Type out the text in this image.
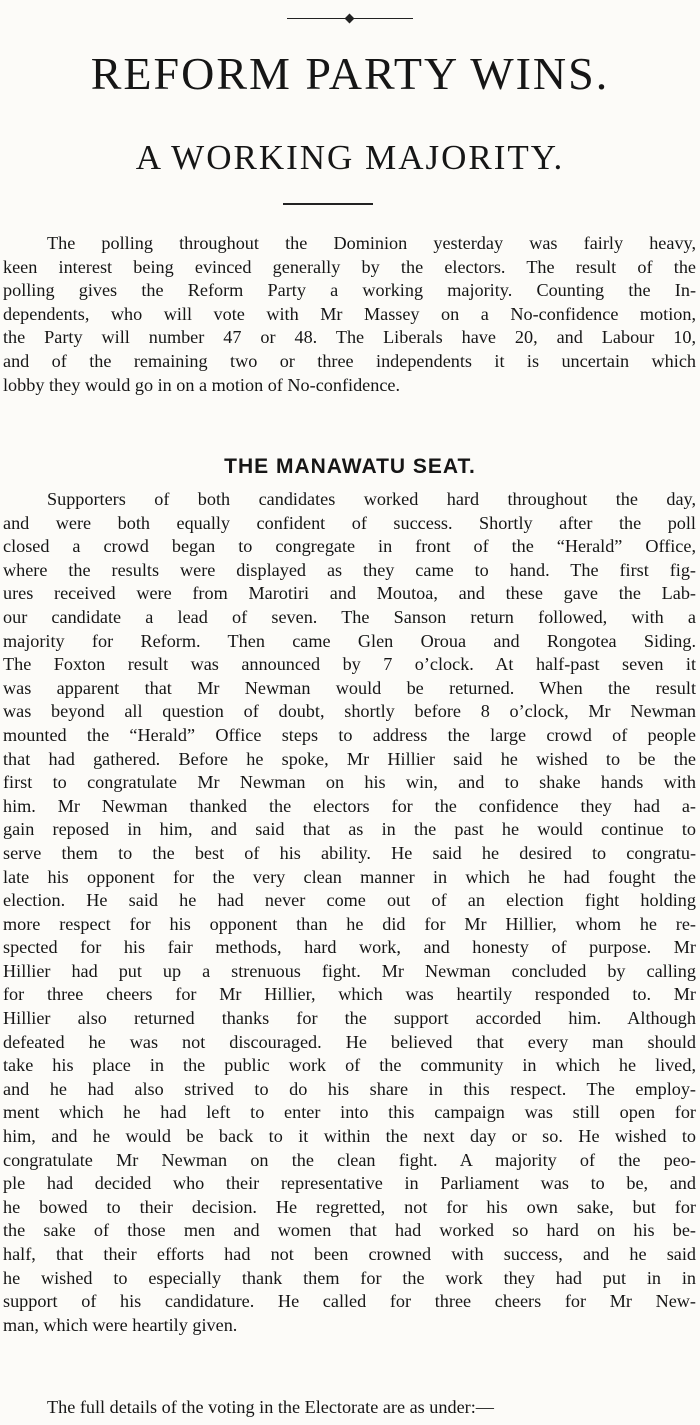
REFORM PARTY WINS.
A WORKING MAJORITY.
The polling throughout the Dominion yesterday was fairly heavy,
keen interest being evinced generally by the electors. The result of the
polling gives the Reform Party a working majority. Counting the In-
dependents, who will vote with Mr Massey on a No-confidence motion,
the Party will number 47 or 48. The Liberals have 20, and Labour 10,
and of the remaining two or three independents it is uncertain which
lobby they would go in on a motion of No-confidence.
THE MANAWATU SEAT.
Supporters of both candidates worked hard throughout the day,
and were both equally confident of success. Shortly after the poll
closed a crowd began to congregate in front of the “Herald” Office,
where the results were displayed as they came to hand. The first fig-
ures received were from Marotiri and Moutoa, and these gave the Lab-
our candidate a lead of seven. The Sanson return followed, with a
majority for Reform. Then came Glen Oroua and Rongotea Siding.
The Foxton result was announced by 7 o’clock. At half-past seven it
was apparent that Mr Newman would be returned. When the result
was beyond all question of doubt, shortly before 8 o’clock, Mr Newman
mounted the “Herald” Office steps to address the large crowd of people
that had gathered. Before he spoke, Mr Hillier said he wished to be the
first to congratulate Mr Newman on his win, and to shake hands with
him. Mr Newman thanked the electors for the confidence they had a-
gain reposed in him, and said that as in the past he would continue to
serve them to the best of his ability. He said he desired to congratu-
late his opponent for the very clean manner in which he had fought the
election. He said he had never come out of an election fight holding
more respect for his opponent than he did for Mr Hillier, whom he re-
spected for his fair methods, hard work, and honesty of purpose. Mr
Hillier had put up a strenuous fight. Mr Newman concluded by calling
for three cheers for Mr Hillier, which was heartily responded to. Mr
Hillier also returned thanks for the support accorded him. Although
defeated he was not discouraged. He believed that every man should
take his place in the public work of the community in which he lived,
and he had also strived to do his share in this respect. The employ-
ment which he had left to enter into this campaign was still open for
him, and he would be back to it within the next day or so. He wished to
congratulate Mr Newman on the clean fight. A majority of the peo-
ple had decided who their representative in Parliament was to be, and
he bowed to their decision. He regretted, not for his own sake, but for
the sake of those men and women that had worked so hard on his be-
half, that their efforts had not been crowned with success, and he said
he wished to especially thank them for the work they had put in in
support of his candidature. He called for three cheers for Mr New-
man, which were heartily given.
The full details of the voting in the Electorate are as under:—
